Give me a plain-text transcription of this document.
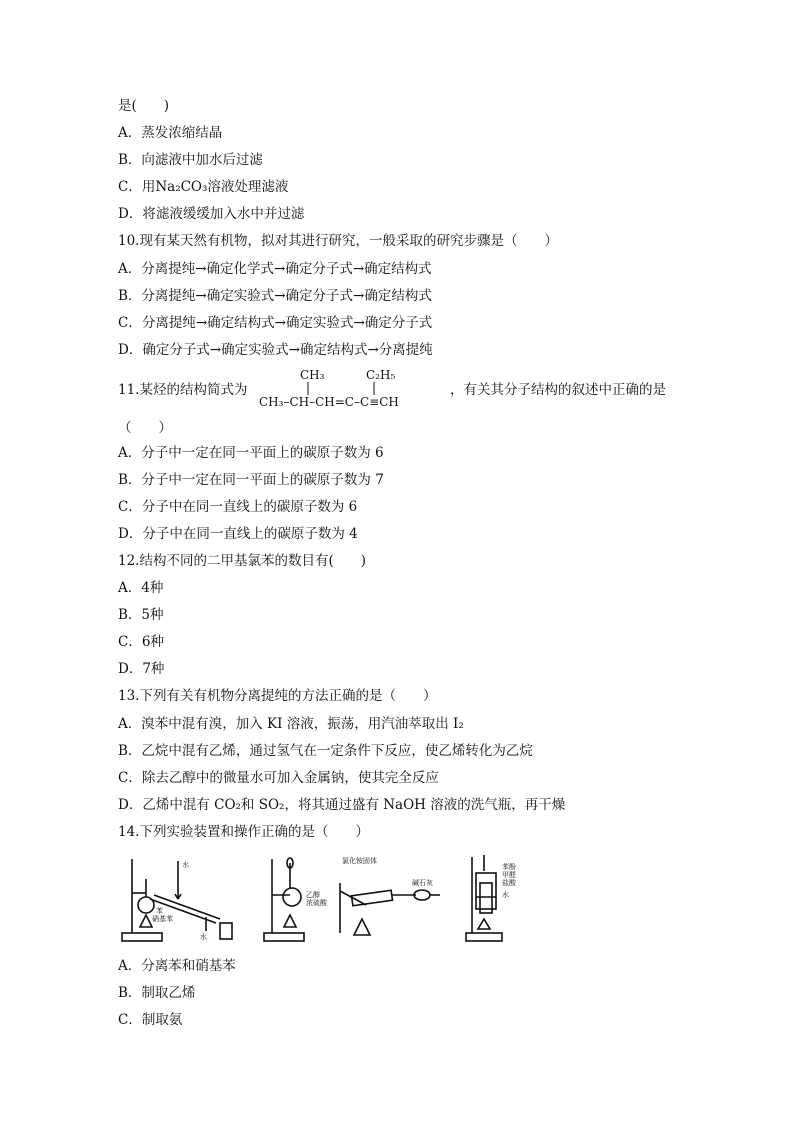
是(　　)
A．蒸发浓缩结晶
B．向滤液中加水后过滤
C．用Na₂CO₃溶液处理滤液
D．将滤液缓缓加入水中并过滤
10.现有某天然有机物，拟对其进行研究，一般采取的研究步骤是（　　）
A．分离提纯→确定化学式→确定分子式→确定结构式
B．分离提纯→确定实验式→确定分子式→确定结构式
C．分离提纯→确定结构式→确定实验式→确定分子式
D．确定分子式→确定实验式→确定结构式→分离提纯
11.某烃的结构简式为
CH₃	C₂H₅
CH₃–CH–CH=C–C≡CH
，有关其分子结构的叙述中正确的是
（　　）
A．分子中一定在同一平面上的碳原子数为 6
B．分子中一定在同一平面上的碳原子数为 7
C．分子中在同一直线上的碳原子数为 6
D．分子中在同一直线上的碳原子数为 4
12.结构不同的二甲基氯苯的数目有(　　)
A．4种
B．5种
C．6种
D．7种
13.下列有关有机物分离提纯的方法正确的是（　　）
A．溴苯中混有溴，加入 KI 溶液，振荡，用汽油萃取出 I₂
B．乙烷中混有乙烯，通过氢气在一定条件下反应，使乙烯转化为乙烷
C．除去乙醇中的微量水可加入金属钠，使其完全反应
D．乙烯中混有 CO₂和 SO₂，将其通过盛有 NaOH 溶液的洗气瓶，再干燥
14.下列实验装置和操作正确的是（　　）
水
苯
硝基苯
水
乙醇
浓硫酸
氯化铵固体
碱石灰
苯酚
甲醛
盐酸
水
A．分离苯和硝基苯
B．制取乙烯
C．制取氨
